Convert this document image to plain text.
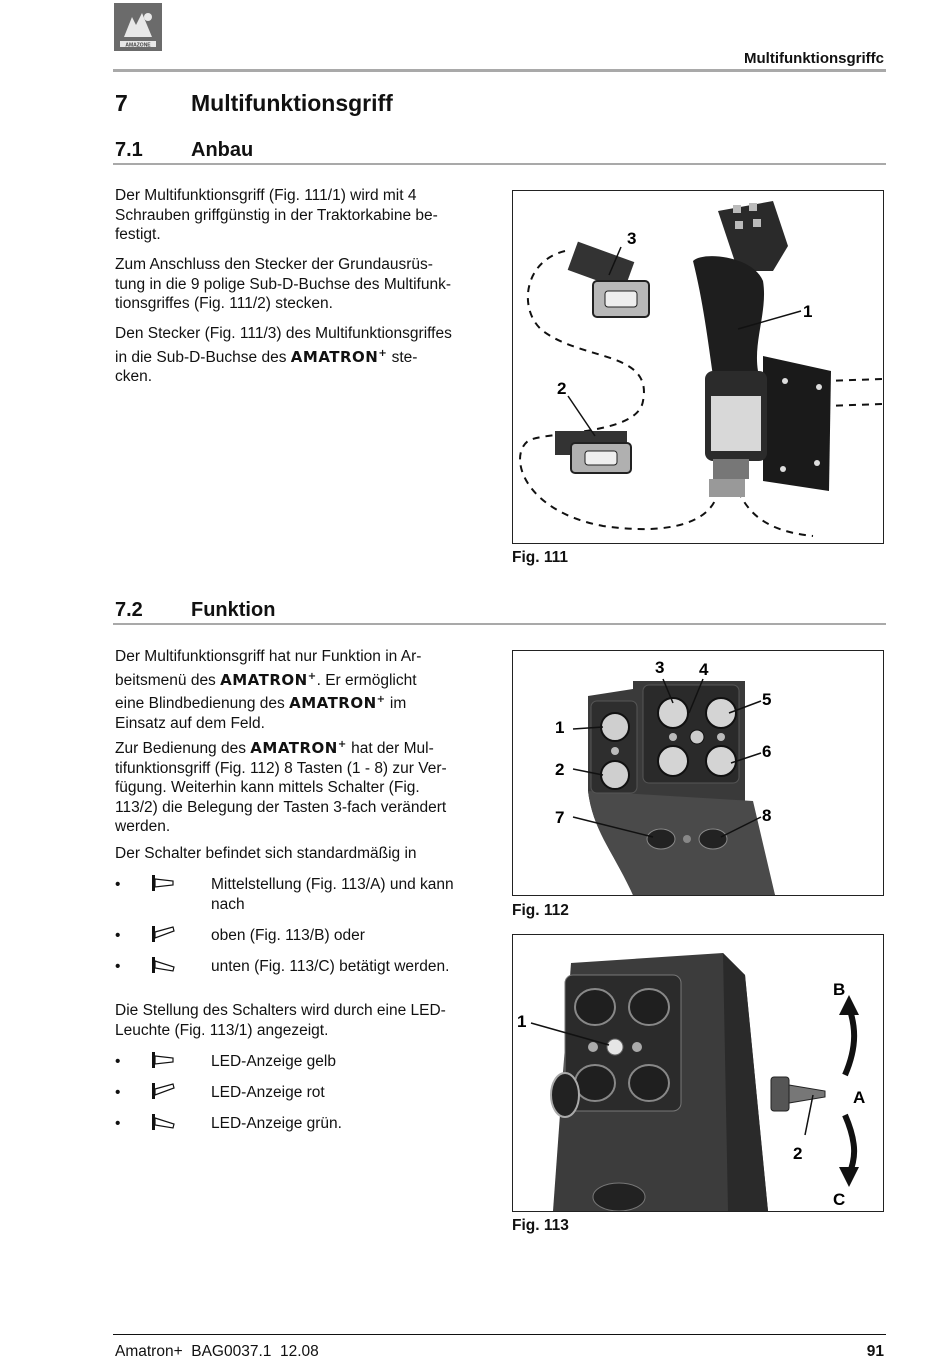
AMAZONE
Multifunktionsgriffc
7	Multifunktionsgriff
7.1 Anbau
Der Multifunktionsgriff (Fig. 111/1) wird mit 4
Schrauben griffgünstig in der Traktorkabine be-
festigt.
Zum Anschluss den Stecker der Grundausrüs-
tung in die 9 polige Sub-D-Buchse des Multifunk-
tionsgriffes (Fig. 111/2) stecken.
Den Stecker (Fig. 111/3) des Multifunktionsgriffes
in die Sub-D-Buchse des AMATRON+ ste-
cken.
3
1
2
Fig. 111
7.2 Funktion
Der Multifunktionsgriff hat nur Funktion in Ar-
beitsmenü des AMATRON+. Er ermöglicht
eine Blindbedienung des AMATRON+ im
Einsatz auf dem Feld.
Zur Bedienung des AMATRON+ hat der Mul-
tifunktionsgriff (Fig. 112) 8 Tasten (1 - 8) zur Ver-
fügung. Weiterhin kann mittels Schalter (Fig.
113/2) die Belegung der Tasten 3-fach verändert
werden.
Der Schalter befindet sich standardmäßig in
•	Mittelstellung (Fig. 113/A) und kann
nach
•	oben (Fig. 113/B) oder
•	unten (Fig. 113/C) betätigt werden.
Die Stellung des Schalters wird durch eine LED-
Leuchte (Fig. 113/1) angezeigt.
•	LED-Anzeige gelb
•	LED-Anzeige rot
•	LED-Anzeige grün.
3 4
5
1
6
2
7	8
Fig. 112
B
1
A
2
C
Fig. 113
Amatron+  BAG0037.1  12.08	91
